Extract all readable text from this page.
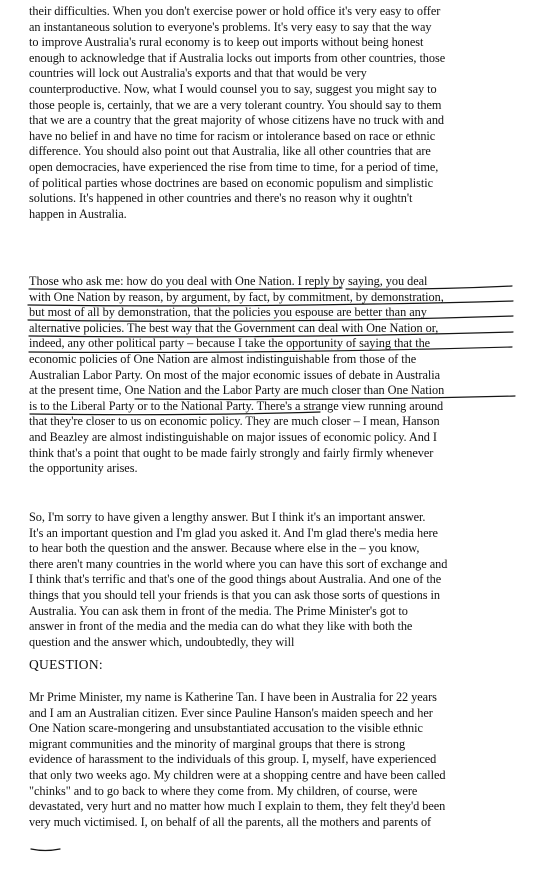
their difficulties. When you don't exercise power or hold office it's very easy to offer
an instantaneous solution to everyone's problems. It's very easy to say that the way
to improve Australia's rural economy is to keep out imports without being honest
enough to acknowledge that if Australia locks out imports from other countries, those
countries will lock out Australia's exports and that that would be very
counterproductive. Now, what I would counsel you to say, suggest you might say to
those people is, certainly, that we are a very tolerant country. You should say to them
that we are a country that the great majority of whose citizens have no truck with and
have no belief in and have no time for racism or intolerance based on race or ethnic
difference. You should also point out that Australia, like all other countries that are
open democracies, have experienced the rise from time to time, for a period of time,
of political parties whose doctrines are based on economic populism and simplistic
solutions. It's happened in other countries and there's no reason why it oughtn't
happen in Australia.
Those who ask me: how do you deal with One Nation. I reply by saying, you deal
with One Nation by reason, by argument, by fact, by commitment, by demonstration,
but most of all by demonstration, that the policies you espouse are better than any
alternative policies. The best way that the Government can deal with One Nation or,
indeed, any other political party – because I take the opportunity of saying that the
economic policies of One Nation are almost indistinguishable from those of the
Australian Labor Party. On most of the major economic issues of debate in Australia
at the present time, One Nation and the Labor Party are much closer than One Nation
is to the Liberal Party or to the National Party. There's a strange view running around
that they're closer to us on economic policy. They are much closer – I mean, Hanson
and Beazley are almost indistinguishable on major issues of economic policy. And I
think that's a point that ought to be made fairly strongly and fairly firmly whenever
the opportunity arises.
So, I'm sorry to have given a lengthy answer. But I think it's an important answer.
It's an important question and I'm glad you asked it. And I'm glad there's media here
to hear both the question and the answer. Because where else in the – you know,
there aren't many countries in the world where you can have this sort of exchange and
I think that's terrific and that's one of the good things about Australia. And one of the
things that you should tell your friends is that you can ask those sorts of questions in
Australia. You can ask them in front of the media. The Prime Minister's got to
answer in front of the media and the media can do what they like with both the
question and the answer which, undoubtedly, they will
QUESTION:
Mr Prime Minister, my name is Katherine Tan. I have been in Australia for 22 years
and I am an Australian citizen. Ever since Pauline Hanson's maiden speech and her
One Nation scare-mongering and unsubstantiated accusation to the visible ethnic
migrant communities and the minority of marginal groups that there is strong
evidence of harassment to the individuals of this group. I, myself, have experienced
that only two weeks ago. My children were at a shopping centre and have been called
"chinks" and to go back to where they come from. My children, of course, were
devastated, very hurt and no matter how much I explain to them, they felt they'd been
very much victimised. I, on behalf of all the parents, all the mothers and parents of
